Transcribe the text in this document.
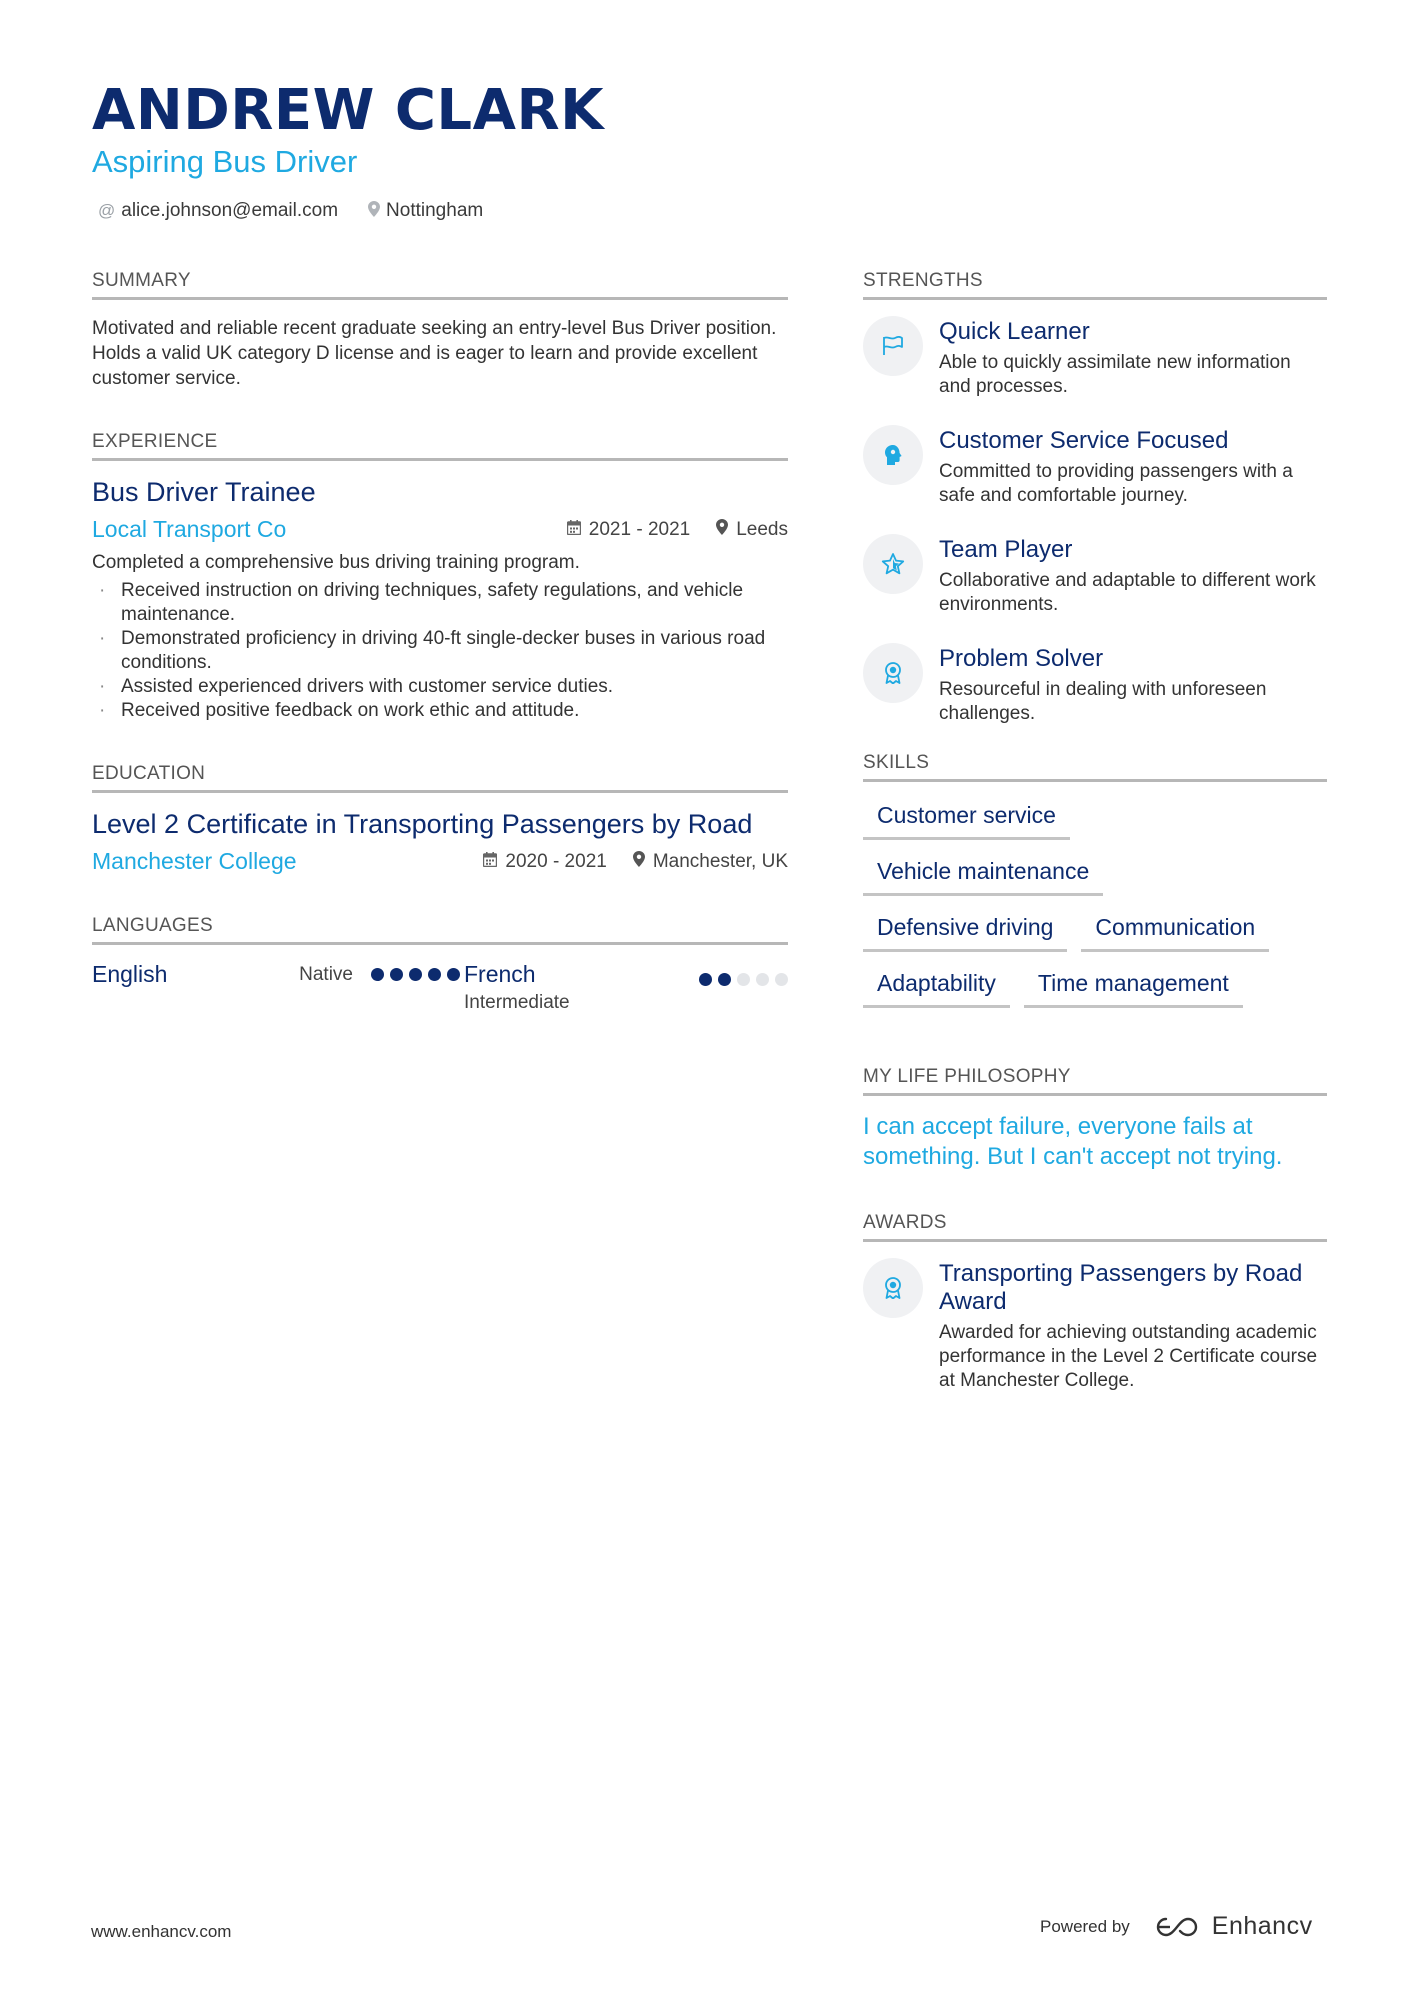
ANDREW CLARK
Aspiring Bus Driver
@ alice.johnson@email.com	Nottingham
SUMMARY
Motivated and reliable recent graduate seeking an entry-level Bus Driver position. Holds a valid UK category D license and is eager to learn and provide excellent customer service.
EXPERIENCE
Bus Driver Trainee
Local Transport Co	2021 - 2021 Leeds
Completed a comprehensive bus driving training program.
· Received instruction on driving techniques, safety regulations, and vehicle maintenance.
· Demonstrated proficiency in driving 40-ft single-decker buses in various road conditions.
· Assisted experienced drivers with customer service duties.
· Received positive feedback on work ethic and attitude.
EDUCATION
Level 2 Certificate in Transporting Passengers by Road
Manchester College	2020 - 2021 Manchester, UK
LANGUAGES
English	Native	French
Intermediate
STRENGTHS
Quick Learner
Able to quickly assimilate new information and processes.
Customer Service Focused
Committed to providing passengers with a safe and comfortable journey.
Team Player
Collaborative and adaptable to different work environments.
Problem Solver
Resourceful in dealing with unforeseen challenges.
SKILLS
Customer service
Vehicle maintenance
Defensive driving	Communication
Adaptability	Time management
MY LIFE PHILOSOPHY
I can accept failure, everyone fails at something. But I can't accept not trying.
AWARDS
Transporting Passengers by Road Award
Awarded for achieving outstanding academic performance in the Level 2 Certificate course at Manchester College.
www.enhancv.com	Powered by	Enhancv
